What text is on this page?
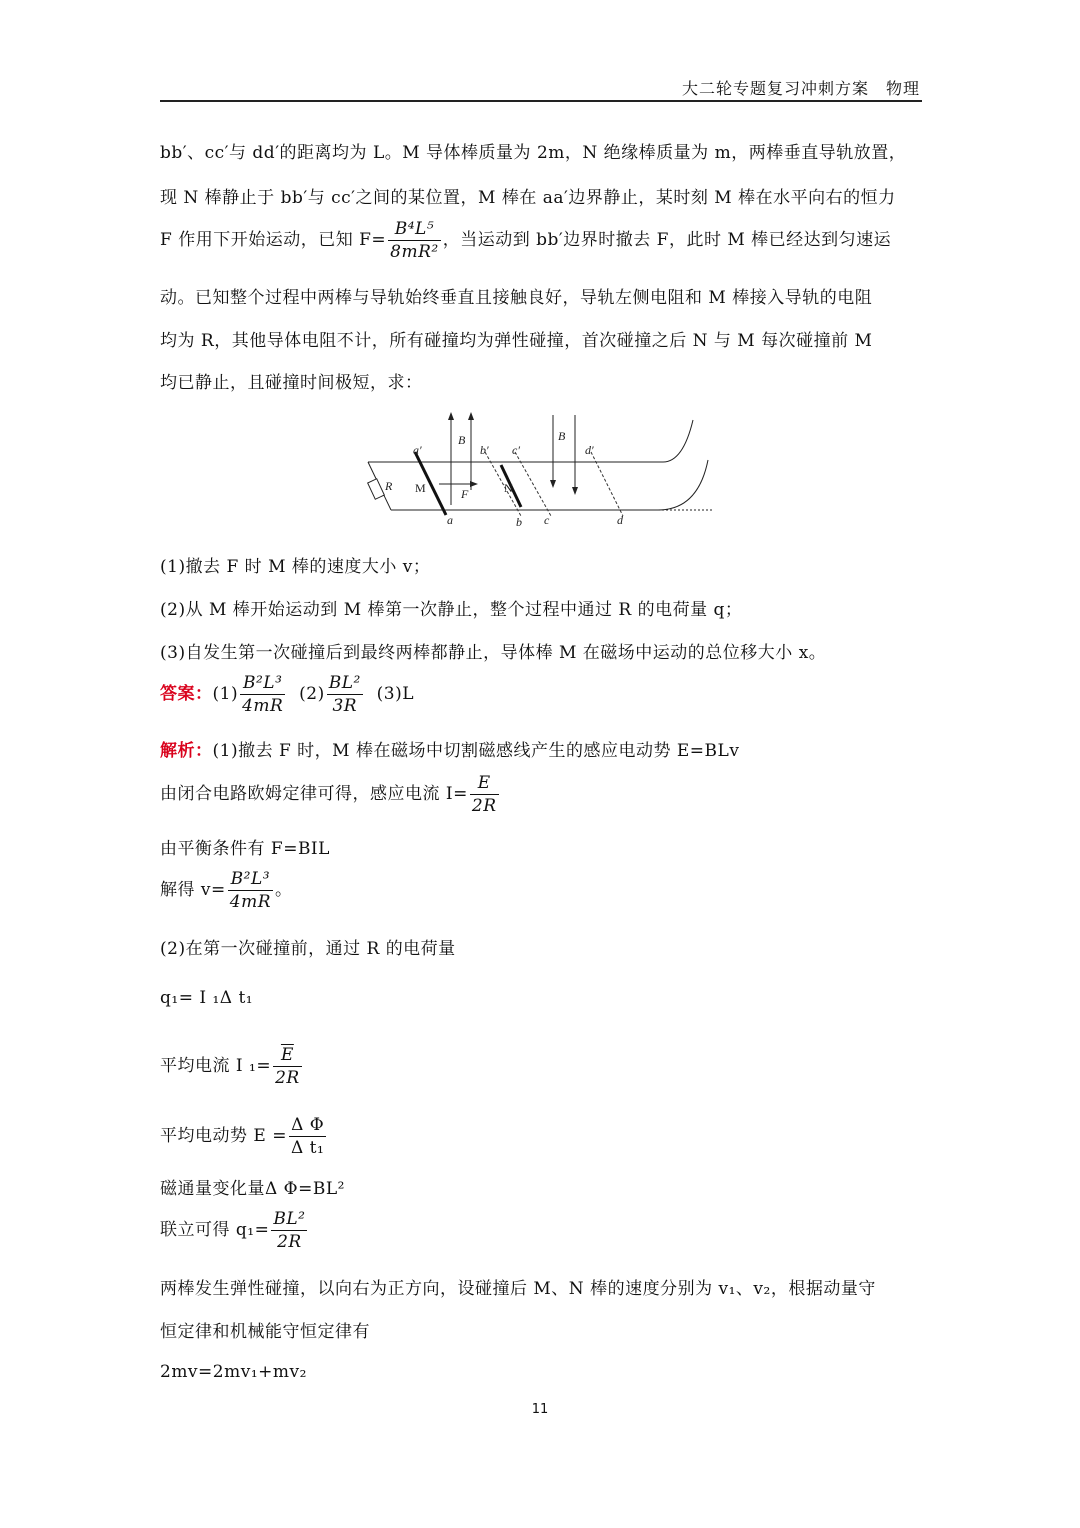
大二轮专题复习冲刺方案　物理
bb′、cc′与 dd′的距离均为 L。M 导体棒质量为 2m，N 绝缘棒质量为 m，两棒垂直导轨放置，
现 N 棒静止于 bb′与 cc′之间的某位置，M 棒在 aa′边界静止，某时刻 M 棒在水平向右的恒力
F 作用下开始运动，已知 $F= \frac{\text{B⁴L⁵}}{\text{8mR²}}$ ，当运动到 bb′边界时撤去 F，此时 M 棒已经达到匀速运
动。已知整个过程中两棒与导轨始终垂直且接触良好，导轨左侧电阻和 M 棒接入导轨的电阻
均为 R，其他导体电阻不计，所有碰撞均为弹性碰撞，首次碰撞之后 N 与 M 每次碰撞前 M
均已静止，且碰撞时间极短，求：
a′	b′ c′	d′
a	b c	d
B	B
R M	N
F
(1)撤去 F 时 M 棒的速度大小 v；
(2)从 M 棒开始运动到 M 棒第一次静止，整个过程中通过 R 的电荷量 q；
(3)自发生第一次碰撞后到最终两棒都静止，导体棒 M 在磁场中运动的总位移大小 x。
答案：$(1) \frac{\text{B²L³}}{4mR} (2) \frac{\text{BL²}}{3R} (3)L$
解析：(1)撤去 F 时，M 棒在磁场中切割磁感线产生的感应电动势 E=BLv
由闭合电路欧姆定律可得，感应电流 $I= \frac{E}{2R}$
由平衡条件有 F=BIL
解得 $v= \frac{\text{B²L³}}{4mR}$ 。
(2)在第一次碰撞前，通过 R 的电荷量
q₁= I ₁Δ t₁
平均电流 I $_1= \frac{\overline{E}}{2R}$
平均电动势 $E = \frac{\text{Δ Φ}}{\text{Δ t₁}}$
磁通量变化量Δ Φ=BL²
联立可得 $q_1= \frac{\text{BL²}}{2R}$
两棒发生弹性碰撞，以向右为正方向，设碰撞后 M、N 棒的速度分别为 v₁、v₂，根据动量守
恒定律和机械能守恒定律有
2mv=2mv₁+mv₂
11
